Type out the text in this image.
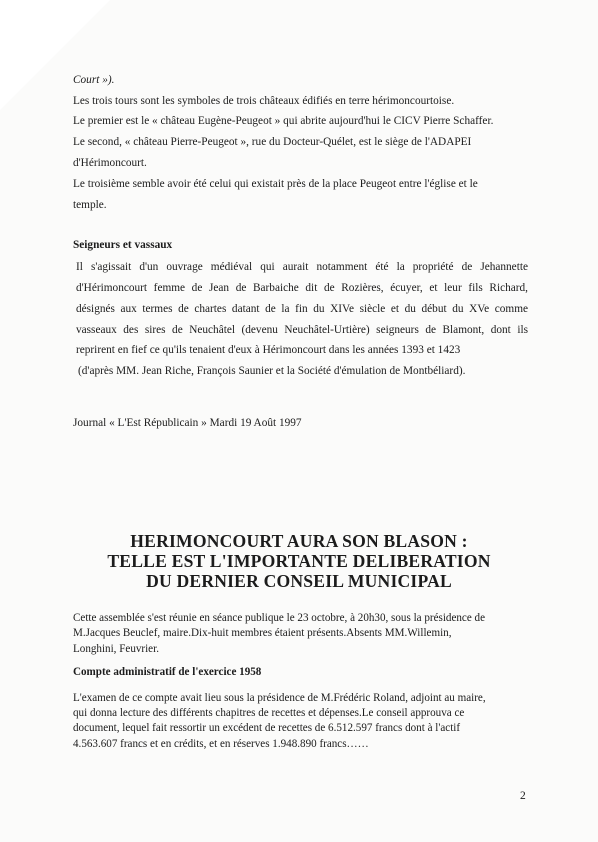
Court »).
Les trois tours sont les symboles de trois châteaux édifiés en terre hérimoncourtoise.
Le premier est le « château Eugène-Peugeot » qui abrite aujourd'hui le CICV Pierre Schaffer.
Le second, « château Pierre-Peugeot », rue du Docteur-Quélet, est le siège de l'ADAPEI
d'Hérimoncourt.
Le troisième semble avoir été celui qui existait près de la place Peugeot entre l'église et le
temple.
Seigneurs et vassaux
Il s'agissait d'un ouvrage médiéval qui aurait notamment été la propriété de Jehannette
d'Hérimoncourt femme de Jean de Barbaiche dit de Rozières, écuyer, et leur fils Richard,
désignés aux termes de chartes datant de la fin du XIVe siècle et du début du XVe comme
vasseaux des sires de Neuchâtel (devenu Neuchâtel-Urtière) seigneurs de Blamont, dont ils
reprirent en fief ce qu'ils tenaient d'eux à Hérimoncourt dans les années 1393 et 1423
(d'après MM. Jean Riche, François Saunier et la Société d'émulation de Montbéliard).
Journal « L'Est Républicain » Mardi 19 Août 1997
HERIMONCOURT AURA SON BLASON :
TELLE EST L'IMPORTANTE DELIBERATION
DU DERNIER CONSEIL MUNICIPAL
Cette assemblée s'est réunie en séance publique le 23 octobre, à 20h30, sous la présidence de
M.Jacques Beuclef, maire.Dix-huit membres étaient présents.Absents MM.Willemin,
Longhini, Feuvrier.
Compte administratif de l'exercice 1958
L'examen de ce compte avait lieu sous la présidence de M.Frédéric Roland, adjoint au maire,
qui donna lecture des différents chapitres de recettes et dépenses.Le conseil approuva ce
document, lequel fait ressortir un excédent de recettes de 6.512.597 francs dont à l'actif
4.563.607 francs et en crédits, et en réserves 1.948.890 francs……
2
